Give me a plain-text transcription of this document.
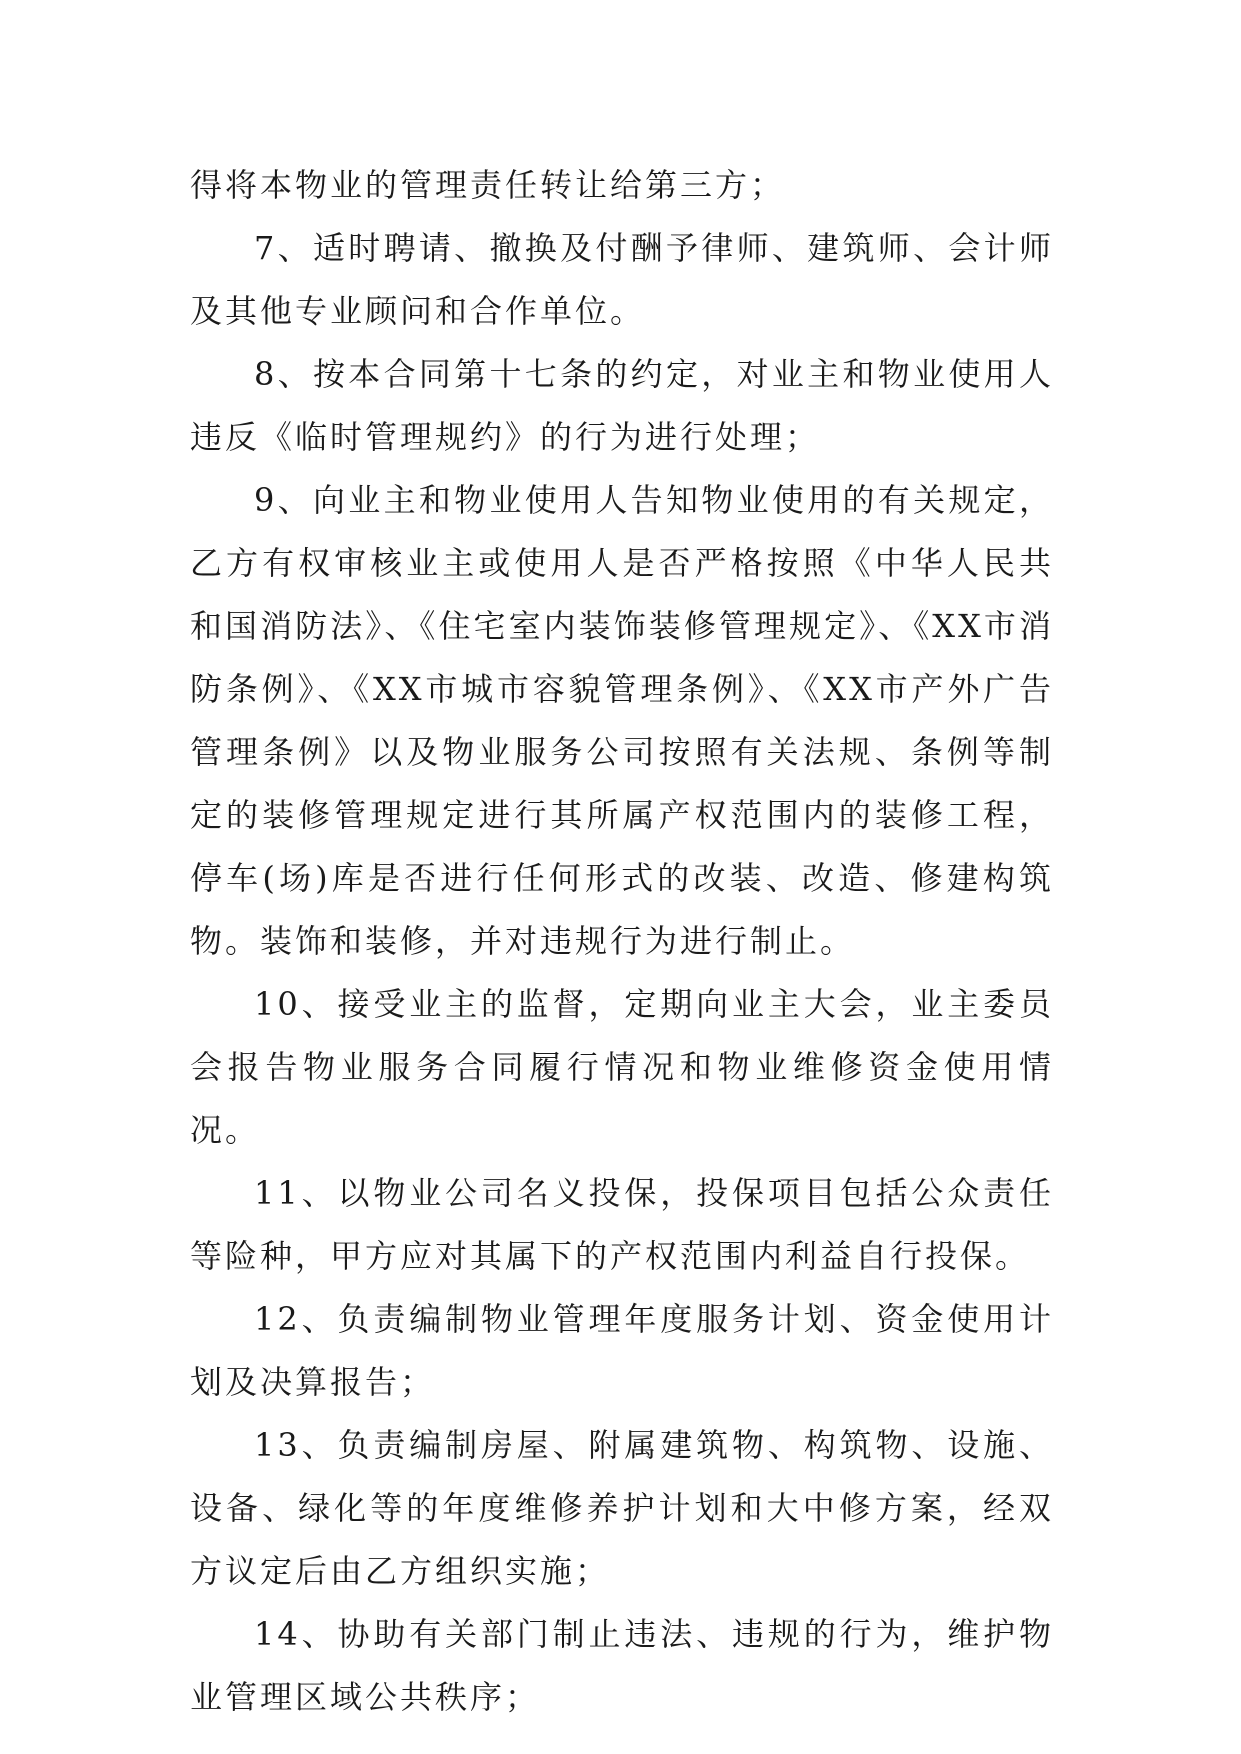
得将本物业的管理责任转让给第三方；

7、适时聘请、撤换及付酬予律师、建筑师、会计师及其他专业顾问和合作单位。

8、按本合同第十七条的约定，对业主和物业使用人违反《临时管理规约》的行为进行处理；

9、向业主和物业使用人告知物业使用的有关规定，乙方有权审核业主或使用人是否严格按照《中华人民共和国消防法》、《住宅室内装饰装修管理规定》、《XX市消防条例》、《XX市城市容貌管理条例》、《XX市产外广告管理条例》以及物业服务公司按照有关法规、条例等制定的装修管理规定进行其所属产权范围内的装修工程，停车(场)库是否进行任何形式的改装、改造、修建构筑物。装饰和装修，并对违规行为进行制止。

10、接受业主的监督，定期向业主大会，业主委员会报告物业服务合同履行情况和物业维修资金使用情况。

11、以物业公司名义投保，投保项目包括公众责任等险种，甲方应对其属下的产权范围内利益自行投保。

12、负责编制物业管理年度服务计划、资金使用计划及决算报告；

13、负责编制房屋、附属建筑物、构筑物、设施、设备、绿化等的年度维修养护计划和大中修方案，经双方议定后由乙方组织实施；

14、协助有关部门制止违法、违规的行为，维护物业管理区域公共秩序；
